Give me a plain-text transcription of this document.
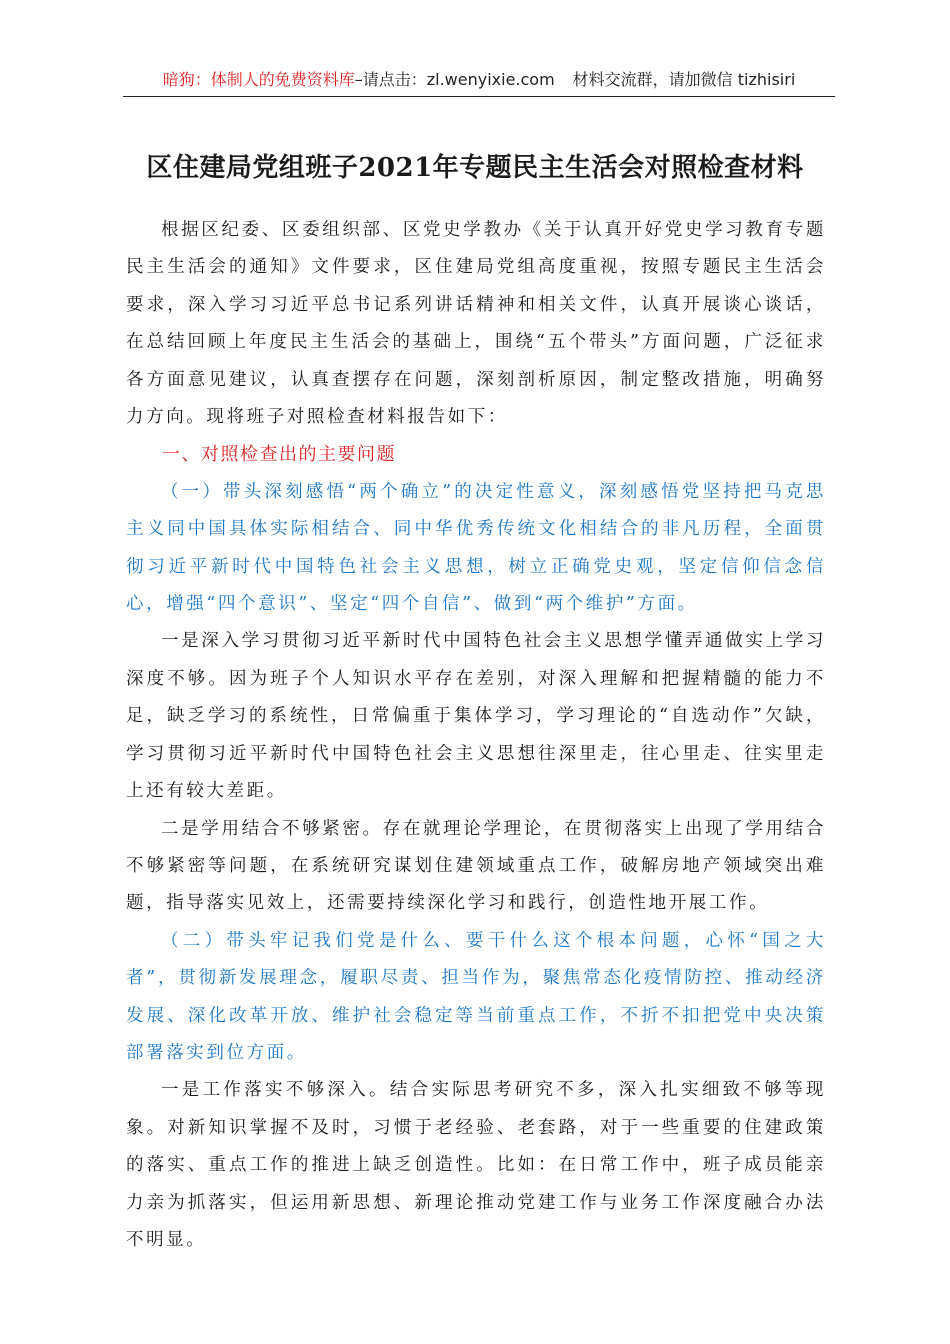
暗狗：体制人的免费资料库–请点击：zl.wenyixie.com 材料交流群，请加微信 tizhisiri
区住建局党组班子2021年专题民主生活会对照检查材料

根据区纪委、区委组织部、区党史学教办《关于认真开好党史学习教育专题民主生活会的通知》文件要求，区住建局党组高度重视，按照专题民主生活会要求，深入学习习近平总书记系列讲话精神和相关文件，认真开展谈心谈话，在总结回顾上年度民主生活会的基础上，围绕“五个带头”方面问题，广泛征求各方面意见建议，认真查摆存在问题，深刻剖析原因，制定整改措施，明确努力方向。现将班子对照检查材料报告如下：

一、对照检查出的主要问题

（一）带头深刻感悟“两个确立”的决定性意义，深刻感悟党坚持把马克思主义同中国具体实际相结合、同中华优秀传统文化相结合的非凡历程，全面贯彻习近平新时代中国特色社会主义思想，树立正确党史观，坚定信仰信念信心，增强“四个意识”、坚定“四个自信”、做到“两个维护”方面。

一是深入学习贯彻习近平新时代中国特色社会主义思想学懂弄通做实上学习深度不够。因为班子个人知识水平存在差别，对深入理解和把握精髓的能力不足，缺乏学习的系统性，日常偏重于集体学习，学习理论的“自选动作”欠缺，学习贯彻习近平新时代中国特色社会主义思想往深里走，往心里走、往实里走上还有较大差距。

二是学用结合不够紧密。存在就理论学理论，在贯彻落实上出现了学用结合不够紧密等问题，在系统研究谋划住建领域重点工作，破解房地产领域突出难题，指导落实见效上，还需要持续深化学习和践行，创造性地开展工作。

（二）带头牢记我们党是什么、要干什么这个根本问题，心怀“国之大者”，贯彻新发展理念，履职尽责、担当作为，聚焦常态化疫情防控、推动经济发展、深化改革开放、维护社会稳定等当前重点工作，不折不扣把党中央决策部署落实到位方面。

一是工作落实不够深入。结合实际思考研究不多，深入扎实细致不够等现象。对新知识掌握不及时，习惯于老经验、老套路，对于一些重要的住建政策的落实、重点工作的推进上缺乏创造性。比如：在日常工作中，班子成员能亲力亲为抓落实，但运用新思想、新理论推动党建工作与业务工作深度融合办法不明显。
